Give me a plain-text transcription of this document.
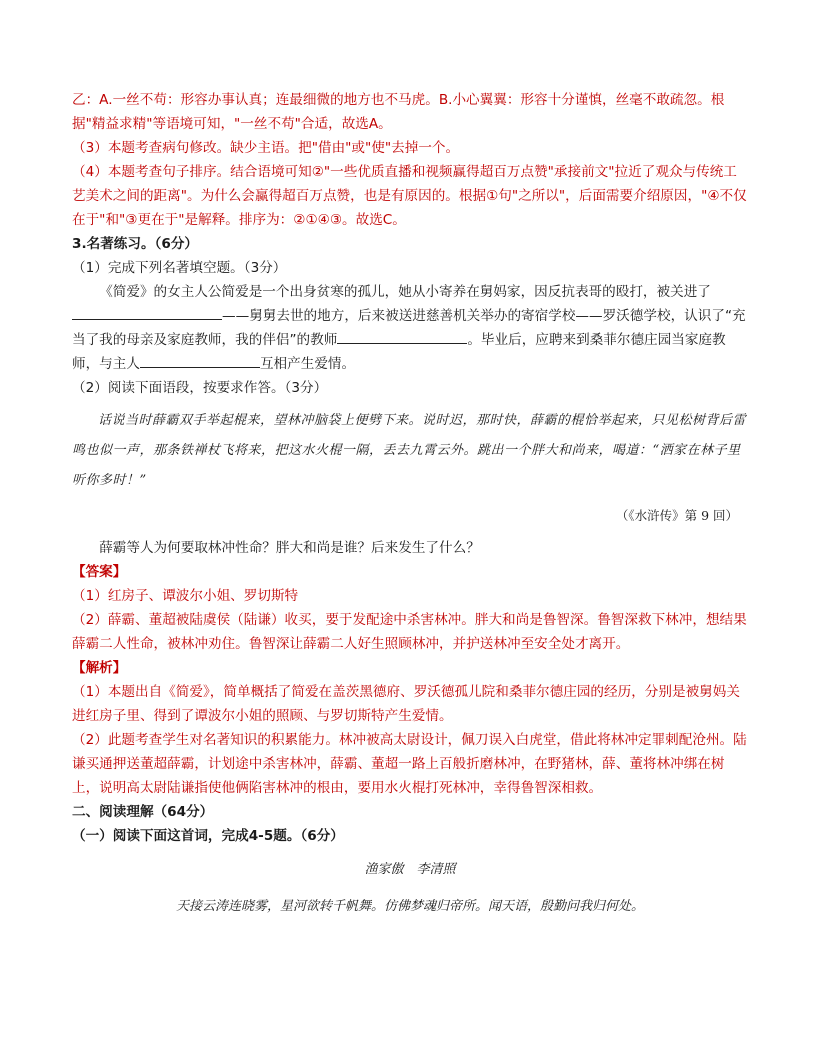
乙：A.一丝不苟：形容办事认真；连最细微的地方也不马虎。B.小心翼翼：形容十分谨慎，丝毫不敢疏忽。根据"精益求精"等语境可知，"一丝不苟"合适，故选A。

（3）本题考查病句修改。缺少主语。把"借由"或"使"去掉一个。

（4）本题考查句子排序。结合语境可知②"一些优质直播和视频赢得超百万点赞"承接前文"拉近了观众与传统工艺美术之间的距离"。为什么会赢得超百万点赞，也是有原因的。根据①句"之所以"，后面需要介绍原因，"④不仅在于"和"③更在于"是解释。排序为：②①④③。故选C。

3.名著练习。（6分）

（1）完成下列名著填空题。（3分）

《简爱》的女主人公简爱是一个出身贫寒的孤儿，她从小寄养在舅妈家，因反抗表哥的殴打，被关进了——舅舅去世的地方，后来被送进慈善机关举办的寄宿学校——罗沃德学校，认识了“充当了我的母亲及家庭教师，我的伴侣”的教师	。毕业后，应聘来到桑菲尔德庄园当家庭教师，与主人	互相产生爱情。

（2）阅读下面语段，按要求作答。（3分）

话说当时薛霸双手举起棍来，望林冲脑袋上便劈下来。说时迟，那时快，薛霸的棍恰举起来，只见松树背后雷鸣也似一声，那条铁禅杖飞将来，把这水火棍一隔，丢去九霄云外。跳出一个胖大和尚来，喝道：“洒家在林子里听你多时！”

（《水浒传》第 9 回）

薛霸等人为何要取林冲性命？胖大和尚是谁？后来发生了什么？

【答案】

（1）红房子、谭波尔小姐、罗切斯特

（2）薛霸、董超被陆虞侯（陆谦）收买，要于发配途中杀害林冲。胖大和尚是鲁智深。鲁智深救下林冲，想结果薛霸二人性命，被林冲劝住。鲁智深让薛霸二人好生照顾林冲，并护送林冲至安全处才离开。

【解析】

（1）本题出自《简爱》，简单概括了简爱在盖茨黑德府、罗沃德孤儿院和桑菲尔德庄园的经历，分别是被舅妈关进红房子里、得到了谭波尔小姐的照顾、与罗切斯特产生爱情。

（2）此题考查学生对名著知识的积累能力。林冲被高太尉设计，佩刀误入白虎堂，借此将林冲定罪刺配沧州。陆谦买通押送董超薛霸，计划途中杀害林冲，薛霸、董超一路上百般折磨林冲，在野猪林，薛、董将林冲绑在树上，说明高太尉陆谦指使他俩陷害林冲的根由，要用水火棍打死林冲，幸得鲁智深相救。

二、阅读理解（64分）

（一）阅读下面这首词，完成4-5题。（6分）

渔家傲　李清照

天接云涛连晓雾，星河欲转千帆舞。仿佛梦魂归帝所。闻天语，殷勤问我归何处。
